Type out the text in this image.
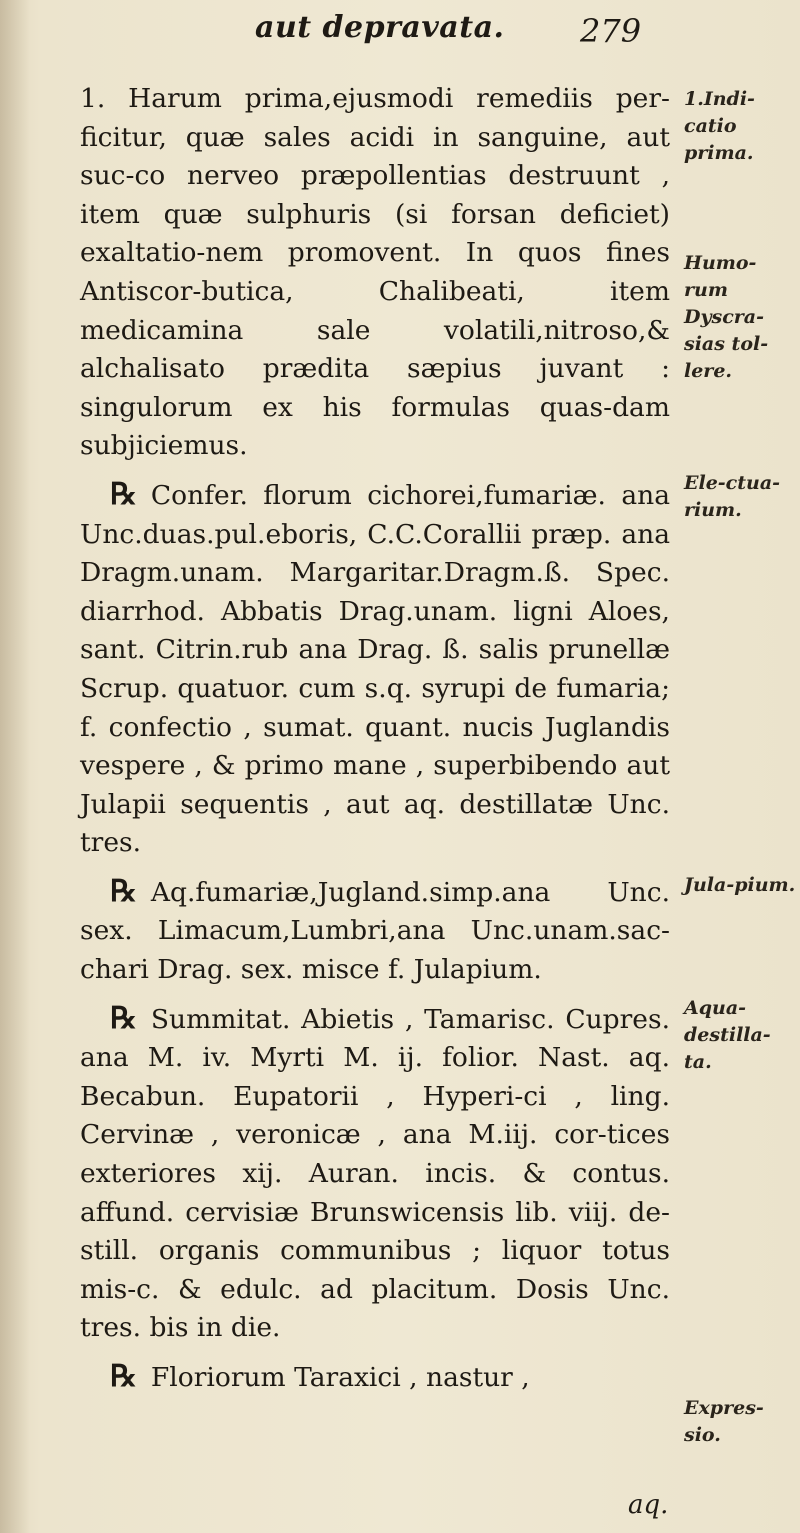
aut depravata. 279

1. Harum prima,ejusmodi remediis per-ficitur, quæ sales acidi in sanguine, aut suc-co nerveo præpollentias destruunt , item quæ sulphuris (si forsan deficiet) exaltatio-nem promovent. In quos fines Antiscor-butica, Chalibeati, item medicamina sale volatili,nitroso,& alchalisato prædita sæpius juvant : singulorum ex his formulas quas-dam subjiciemus.

℞ Confer. florum cichorei,fumariæ. ana Unc.duas.pul.eboris, C.C.Corallii præp. ana Dragm.unam. Margaritar.Dragm.ß. Spec. diarrhod. Abbatis Drag.unam. ligni Aloes, sant. Citrin.rub ana Drag. ß. salis prunellæ Scrup. quatuor. cum s.q. syrupi de fumaria; f. confectio , sumat. quant. nucis Juglandis vespere , & primo mane , superbibendo aut Julapii sequentis , aut aq. destillatæ Unc. tres.

℞ Aq.fumariæ,Jugland.simp.ana Unc. sex. Limacum,Lumbri,ana Unc.unam.sac-chari Drag. sex. misce f. Julapium.

℞ Summitat. Abietis , Tamarisc. Cupres. ana M. iv. Myrti M. ij. folior. Nast. aq. Becabun. Eupatorii , Hyperi-ci , ling. Cervinæ , veronicæ , ana M.iij. cor-tices exteriores xij. Auran. incis. & contus. affund. cervisiæ Brunswicensis lib. viij. de-still. organis communibus ; liquor totus mis-c. & edulc. ad placitum. Dosis Unc. tres. bis in die.

℞ Floriorum Taraxici , nastur ,

1.Indi-catio prima.
Humo-rum Dyscra-sias tol-lere.
Ele-ctua-rium.
Jula-pium.
Aqua-destilla-ta.
Expres-sio.
aq.
